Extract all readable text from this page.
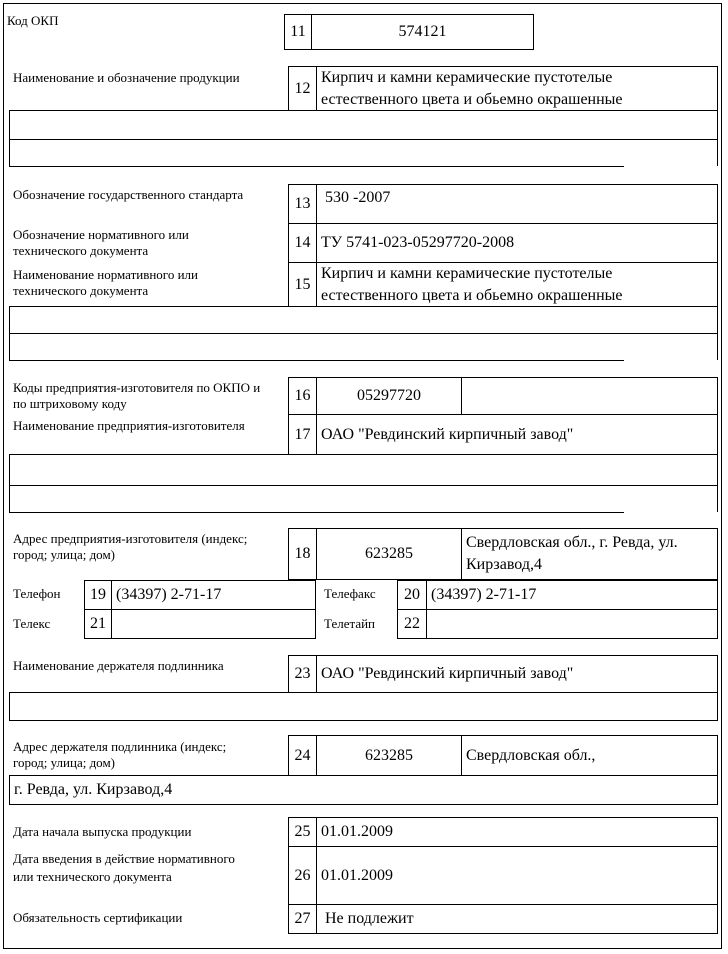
Код ОКП
11	574121
Наименование и обозначение продукции
12
Кирпич и камни керамические пустотелые естественного цвета и обьемно окрашенные
Обозначение государственного стандарта
13 530 -2007
Обозначение нормативного или технического документа	14 ТУ 5741-023-05297720-2008
Наименование нормативного или технического документа	15
Кирпич и камни керамические пустотелые естественного цвета и обьемно окрашенные
Коды предприятия-изготовителя по ОКПО и по штриховому коду	16	05297720
Наименование предприятия-изготовителя	17 ОАО "Ревдинский кирпичный завод"
Адрес предприятия-изготовителя (индекс; город; улица; дом)	18	623285
Свердловская обл., г. Ревда, ул. Кирзавод,4
Телефон	19 (34397) 2-71-17	Телефакс	20 (34397) 2-71-17
Телекс	21	Телетайп	22
Наименование держателя подлинника	23 ОАО "Ревдинский кирпичный завод"
Адрес держателя подлинника (индекс; город; улица; дом)	24	623285	Свердловская обл.,
г. Ревда, ул. Кирзавод,4
Дата начала выпуска продукции	25 01.01.2009
Дата введения в действие нормативного или технического документа	26 01.01.2009
Обязательность сертификации	27 Не подлежит
